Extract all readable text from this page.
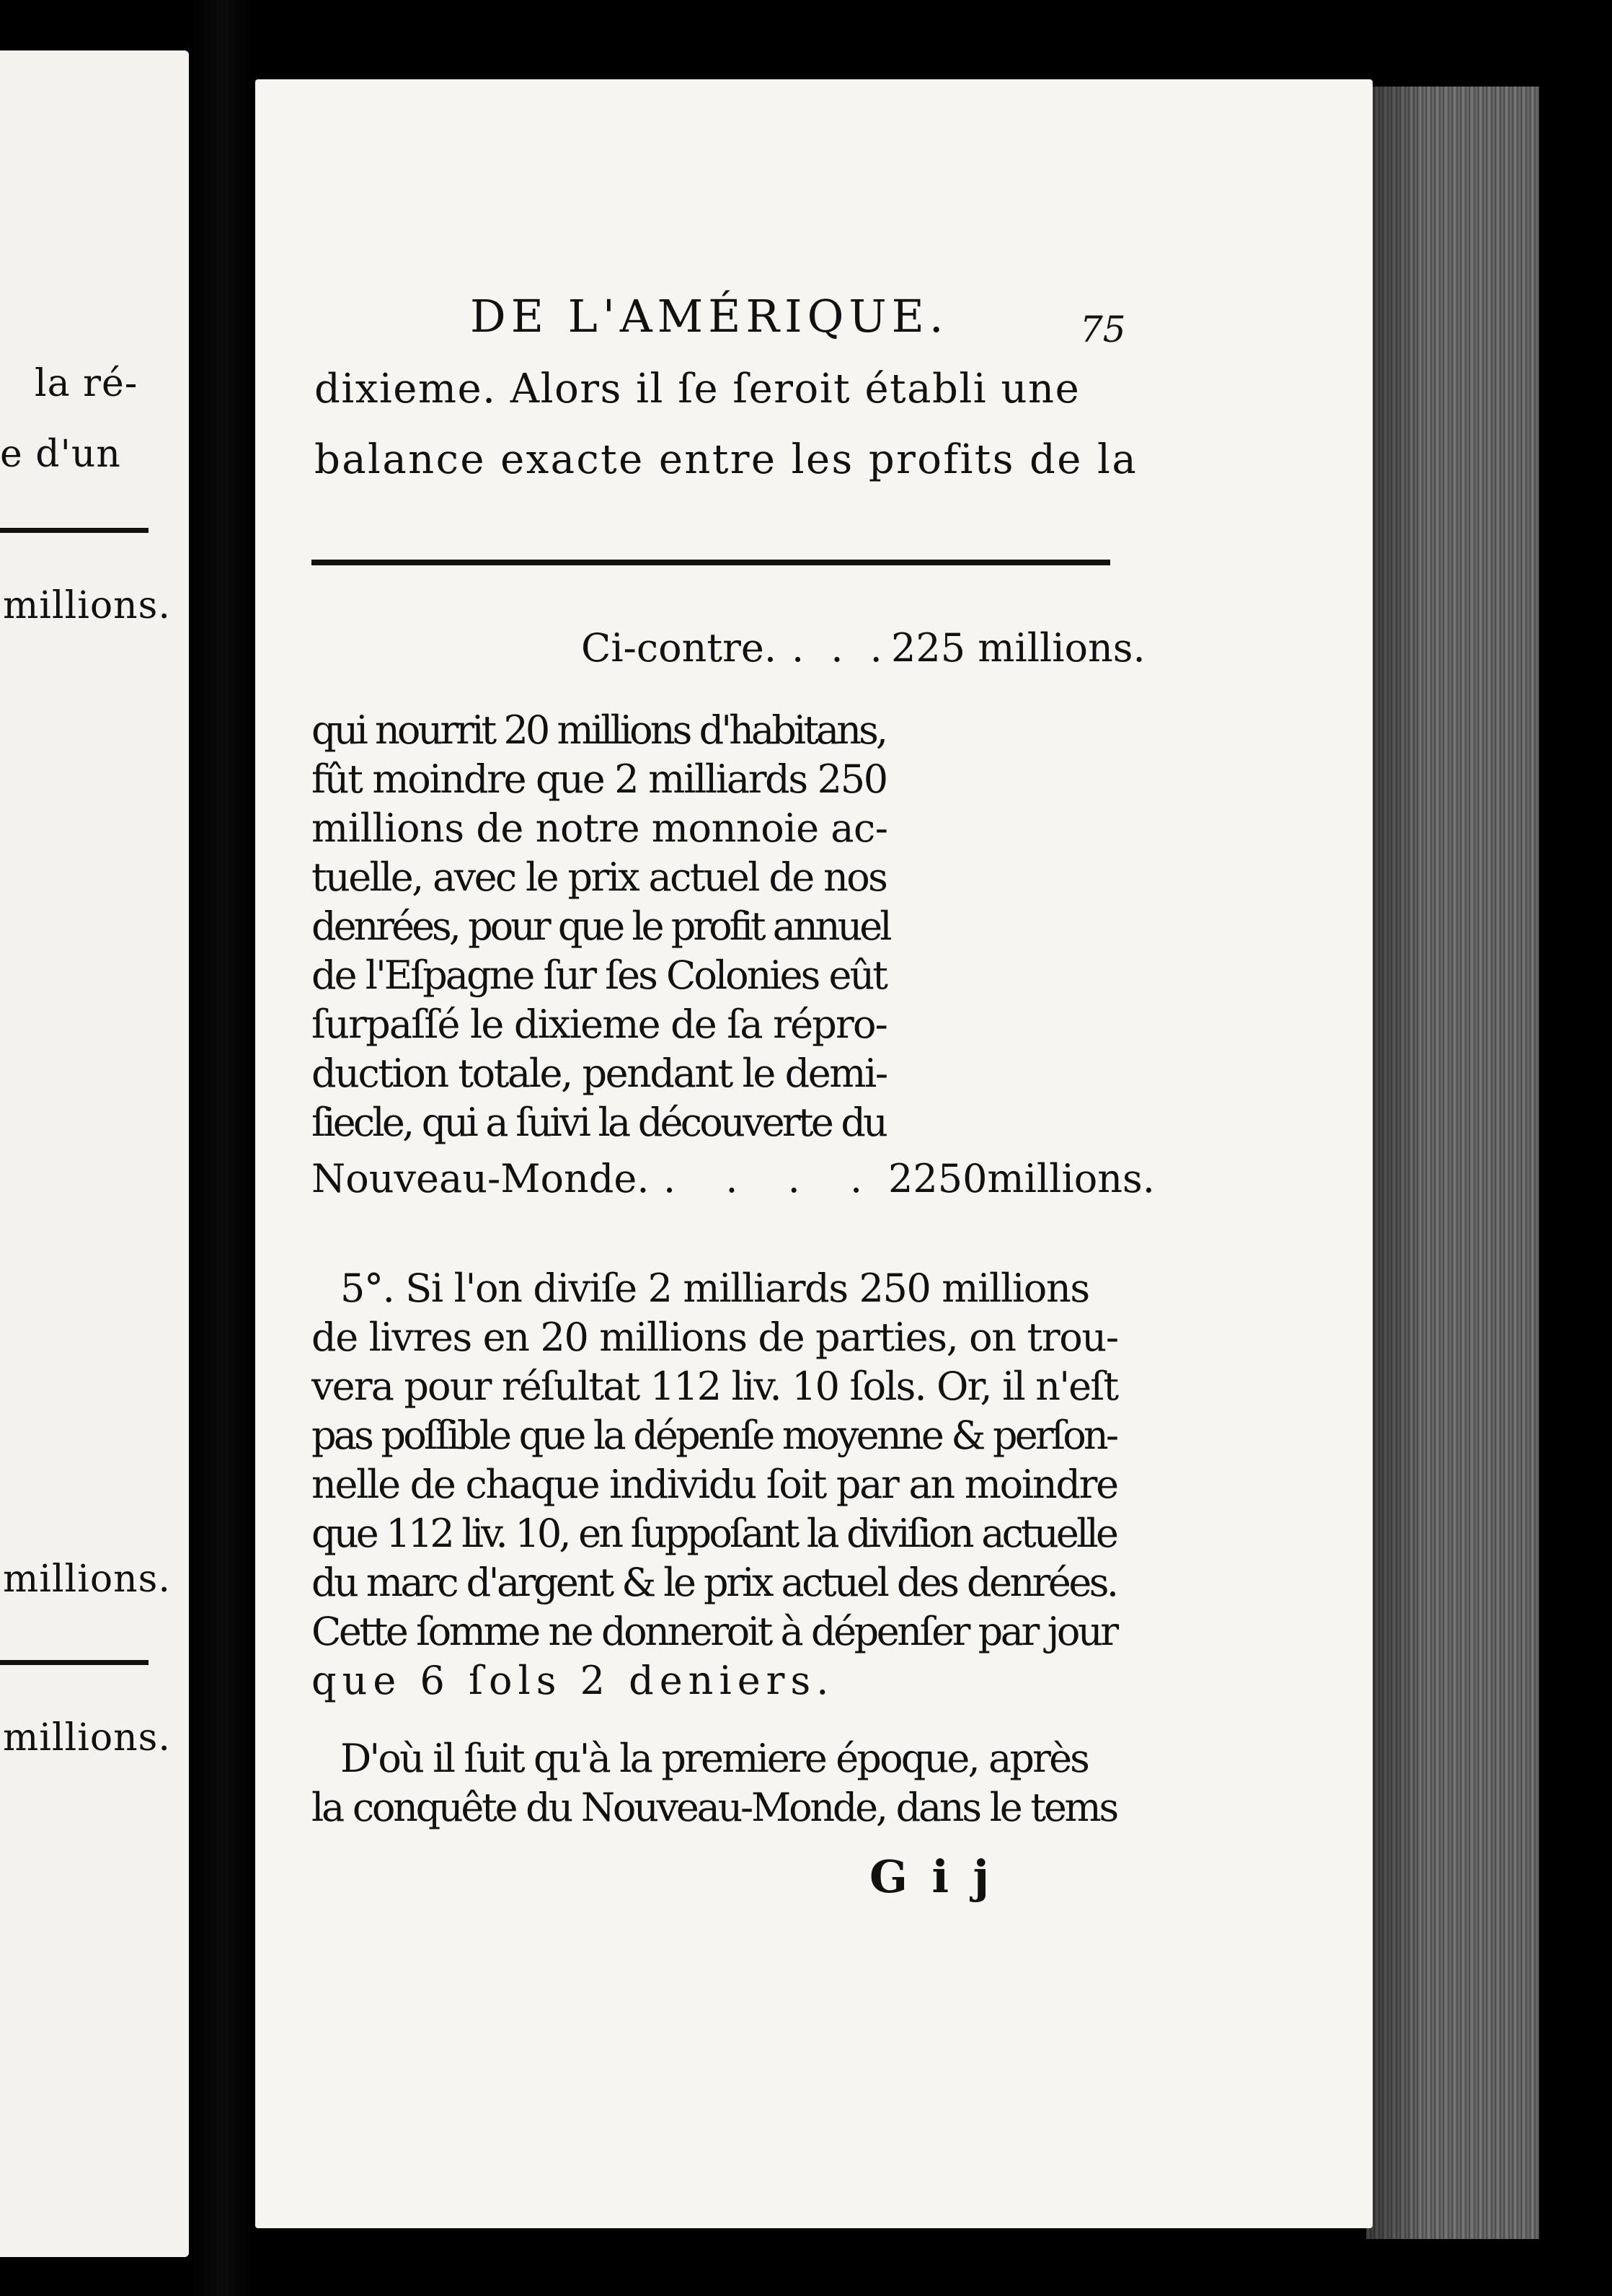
la ré-
e d'un
millions.
millions.
millions.
DE L'AMÉRIQUE.	75
dixieme. Alors il ſe ſeroit établi une
balance exacte entre les profits de la
Ci-contre. . . . 225 millions.
qui nourrit 20 millions d'habitans,
fût moindre que 2 milliards 250
millions de notre monnoie ac-
tuelle, avec le prix actuel de nos
denrées, pour que le profit annuel
de l'Eſpagne ſur ſes Colonies eût
ſurpaſſé le dixieme de ſa répro-
duction totale, pendant le demi-
ſiecle, qui a ſuivi la découverte du
Nouveau-Monde. . . . . 2250millions.
5°. Si l'on diviſe 2 milliards 250 millions
de livres en 20 millions de parties, on trou-
vera pour réſultat 112 liv. 10 ſols. Or, il n'eſt
pas poſſible que la dépenſe moyenne & perſon-
nelle de chaque individu ſoit par an moindre
que 112 liv. 10, en ſuppoſant la diviſion actuelle
du marc d'argent & le prix actuel des denrées.
Cette ſomme ne donneroit à dépenſer par jour
que 6 ſols 2 deniers.
D'où il ſuit qu'à la premiere époque, après
la conquête du Nouveau-Monde, dans le tems
G i j
